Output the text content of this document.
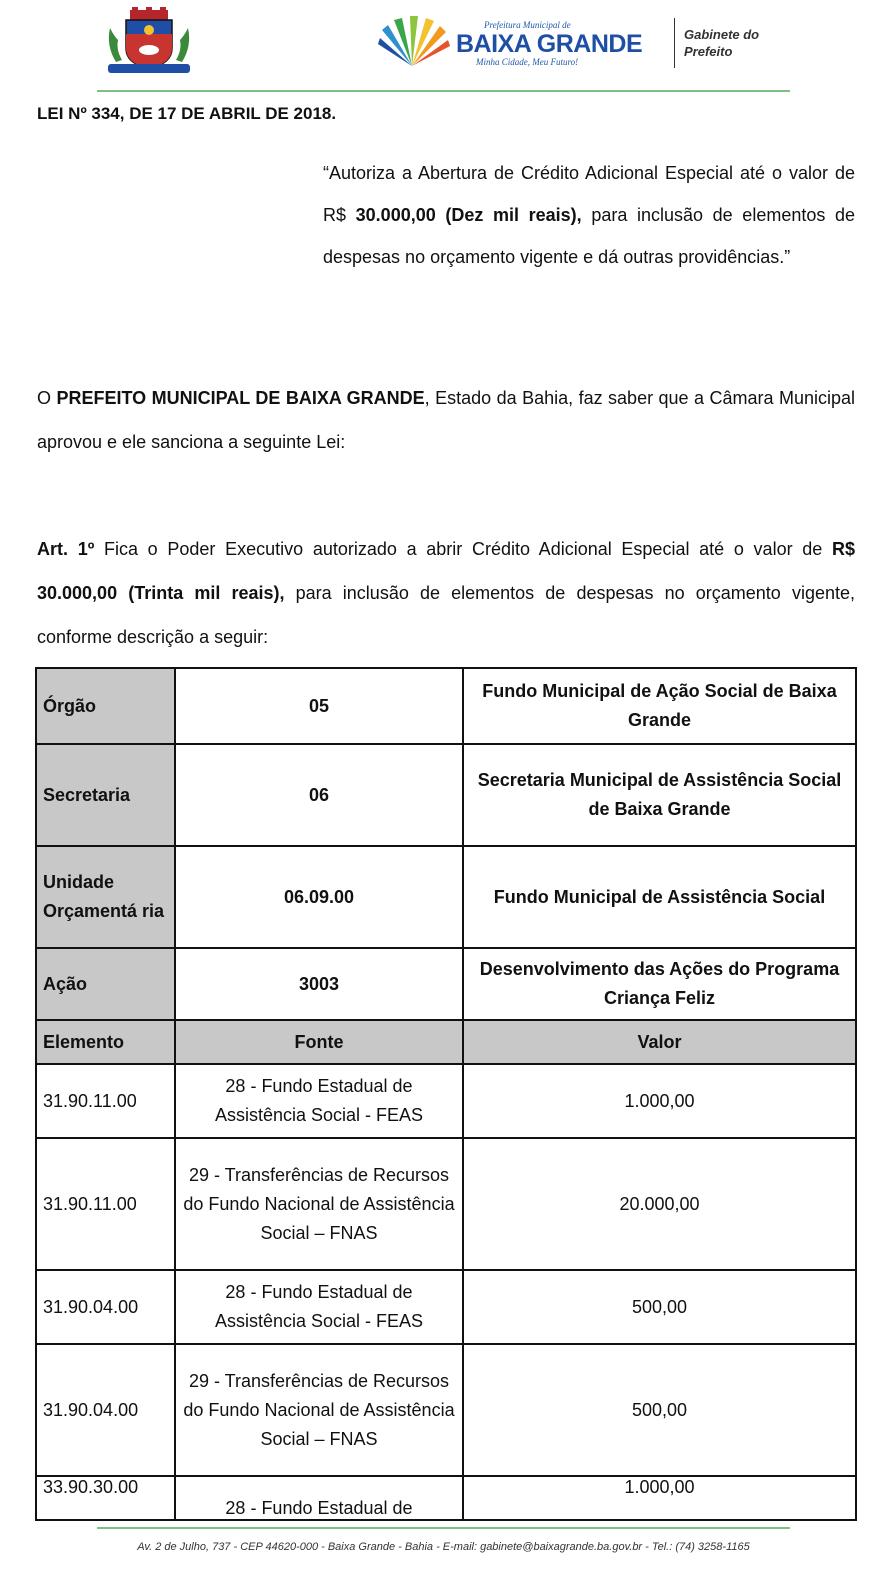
Prefeitura Municipal de
BAIXA GRANDE
Minha Cidade, Meu Futuro!
Gabinete do
Prefeito
LEI Nº 334, DE 17 DE ABRIL DE 2018.

“Autoriza a Abertura de Crédito Adicional Especial até o valor de R$ 30.000,00 (Dez mil reais), para inclusão de elementos de despesas no orçamento vigente e dá outras providências.”

O PREFEITO MUNICIPAL DE BAIXA GRANDE, Estado da Bahia, faz saber que a Câmara Municipal aprovou e ele sanciona a seguinte Lei:

Art. 1º Fica o Poder Executivo autorizado a abrir Crédito Adicional Especial até o valor de R$ 30.000,00 (Trinta mil reais), para inclusão de elementos de despesas no orçamento vigente, conforme descrição a seguir:

Órgão	05	Fundo Municipal de Ação Social de Baixa Grande
Secretaria	06	Secretaria Municipal de Assistência Social de Baixa Grande
Unidade Orçamentá ria	06.09.00	Fundo Municipal de Assistência Social
Ação	3003	Desenvolvimento das Ações do Programa Criança Feliz
Elemento	Fonte	Valor
31.90.11.00	28 - Fundo Estadual de Assistência Social - FEAS	1.000,00
31.90.11.00	29 - Transferências de Recursos do Fundo Nacional de Assistência Social – FNAS	20.000,00
31.90.04.00	28 - Fundo Estadual de Assistência Social - FEAS	500,00
31.90.04.00	29 - Transferências de Recursos do Fundo Nacional de Assistência Social – FNAS	500,00
33.90.30.00	28 - Fundo Estadual de	1.000,00
Av. 2 de Julho, 737 - CEP 44620-000 - Baixa Grande - Bahia - E-mail: gabinete@baixagrande.ba.gov.br - Tel.: (74) 3258-1165
